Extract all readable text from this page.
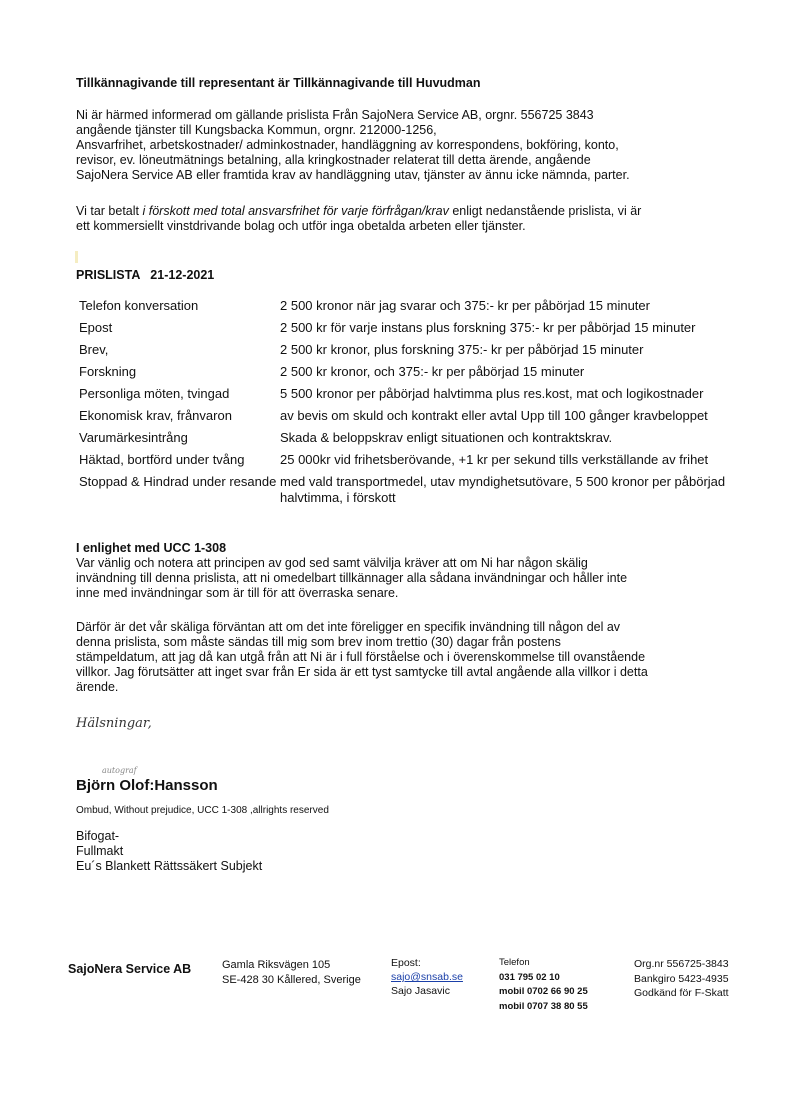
Tillkännagivande till representant är Tillkännagivande till Huvudman
Ni är härmed informerad om gällande prislista Från SajoNera Service AB, orgnr. 556725 3843
angående tjänster till Kungsbacka Kommun, orgnr. 212000-1256,
Ansvarfrihet, arbetskostnader/ adminkostnader, handläggning av korrespondens, bokföring, konto,
revisor, ev. löneutmätnings betalning, alla kringkostnader relaterat till detta ärende, angående
SajoNera Service AB eller framtida krav av handläggning utav, tjänster av ännu icke nämnda, parter.
Vi tar betalt i förskott med total ansvarsfrihet för varje förfrågan/krav enligt nedanstående prislista, vi är
ett kommersiellt vinstdrivande bolag och utför inga obetalda arbeten eller tjänster.
PRISLISTA   21-12-2021
Telefon konversation	2 500 kronor när jag svarar och 375:- kr per påbörjad 15 minuter
Epost	2 500 kr för varje instans plus forskning 375:- kr per påbörjad 15 minuter
Brev,	2 500 kr kronor, plus forskning 375:- kr per påbörjad 15 minuter
Forskning	2 500 kr kronor, och 375:- kr per påbörjad 15 minuter
Personliga möten, tvingad	5 500 kronor per påbörjad halvtimma plus res.kost, mat och logikostnader
Ekonomisk krav, frånvaron	av bevis om skuld och kontrakt eller avtal Upp till 100 gånger kravbeloppet
Varumärkesintrång	Skada & beloppskrav enligt situationen och kontraktskrav.
Häktad, bortförd under tvång	25 000kr vid frihetsberövande, +1 kr per sekund tills verkställande av frihet
Stoppad & Hindrad under resande	med vald transportmedel, utav myndighetsutövare, 5 500 kronor per påbörjad halvtimma, i förskott
I enlighet med UCC 1-308
Var vänlig och notera att principen av god sed samt välvilja kräver att om Ni har någon skälig
invändning till denna prislista, att ni omedelbart tillkännager alla sådana invändningar och håller inte
inne med invändningar som är till för att överraska senare.
Därför är det vår skäliga förväntan att om det inte föreligger en specifik invändning till någon del av
denna prislista, som måste sändas till mig som brev inom trettio (30) dagar från postens
stämpeldatum, att jag då kan utgå från att Ni är i full förståelse och i överenskommelse till ovanstående
villkor. Jag förutsätter att inget svar från Er sida är ett tyst samtycke till avtal angående alla villkor i detta
ärende.
Hälsningar,
autograf
Björn Olof:Hansson
Ombud, Without prejudice, UCC 1-308 ,allrights reserved
Bifogat-
Fullmakt
Eu´s Blankett Rättssäkert Subjekt
SajoNera Service AB	Gamla Riksvägen 105
SE-428 30 Kållered, Sverige
Epost:
sajo@snsab.se
Sajo Jasavic
Telefon
031 795 02 10
mobil 0702 66 90 25
mobil 0707 38 80 55
Org.nr 556725-3843
Bankgiro 5423-4935
Godkänd för F-Skatt
